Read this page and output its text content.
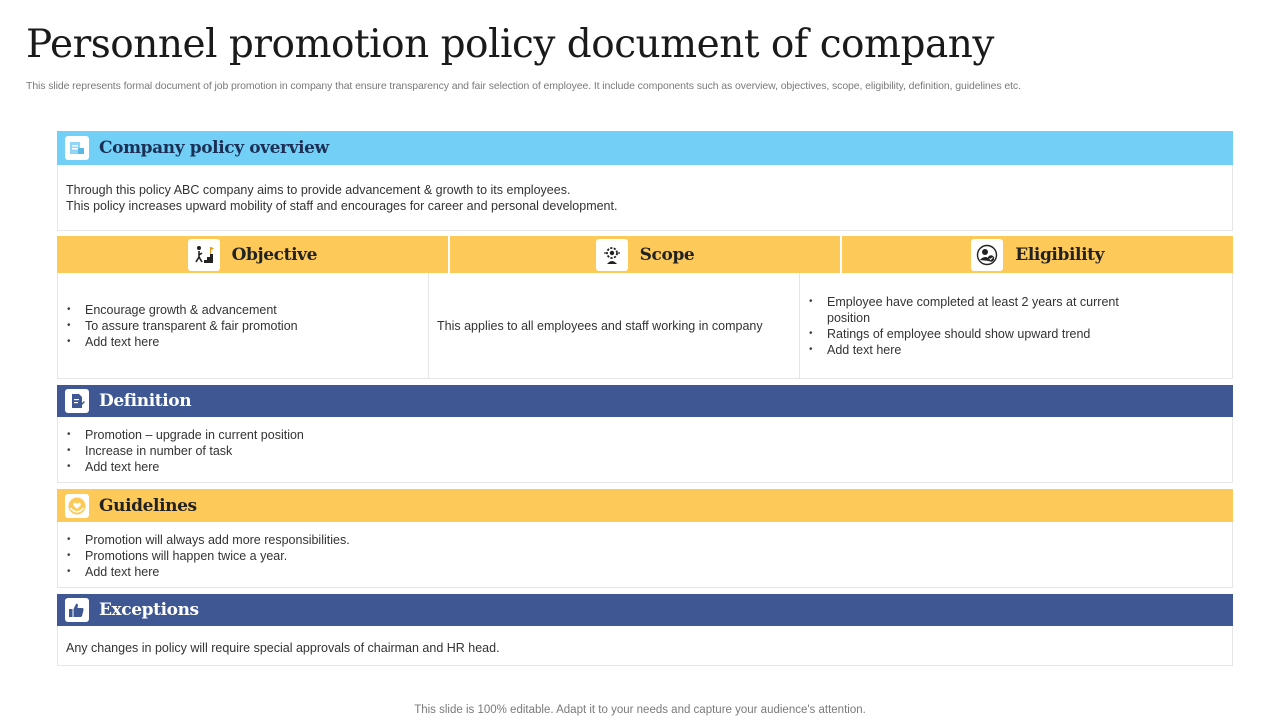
Personnel promotion policy document of company
This slide represents formal document of job promotion in company that ensure transparency and fair selection of employee. It include components such as overview, objectives, scope, eligibility, definition, guidelines etc.
Company policy overview

Through this policy ABC company aims to provide advancement & growth to its employees.

This policy increases upward mobility of staff and encourages for career and personal development.

Objective	Scope	Eligibility
• Encourage growth & advancement
• To assure transparent & fair promotion
• Add text here

This applies to all employees and staff working in company

• Employee have completed at least 2 years at current position
• Ratings of employee should show upward trend
• Add text here
Definition
• Promotion – upgrade in current position
• Increase in number of task
• Add text here
Guidelines
• Promotion will always add more responsibilities.
• Promotions will happen twice a year.
• Add text here
Exceptions

Any changes in policy will require special approvals of chairman and HR head.

This slide is 100% editable. Adapt it to your needs and capture your audience's attention.
